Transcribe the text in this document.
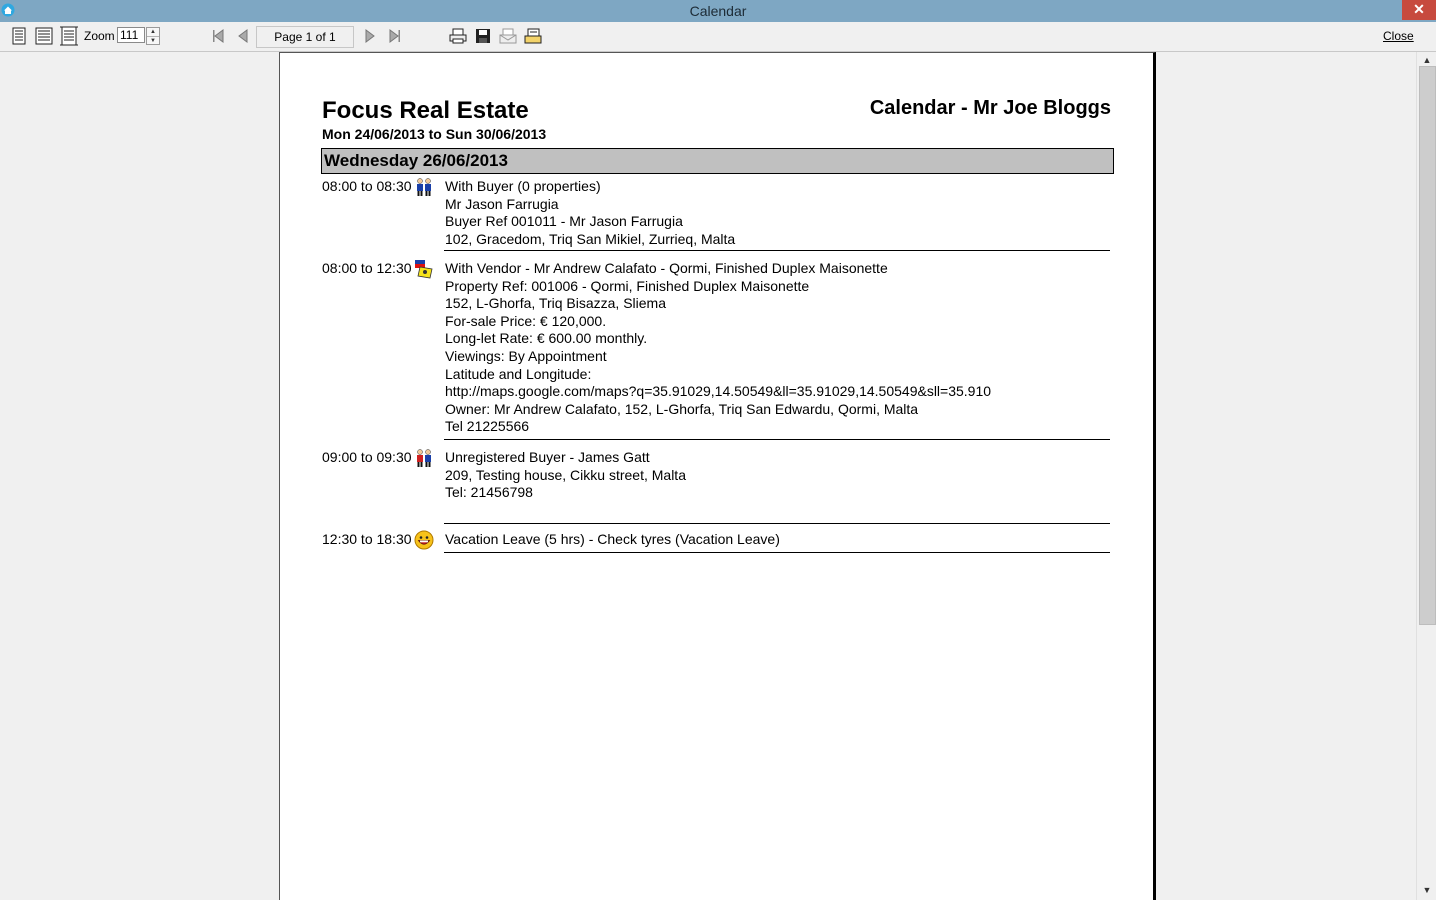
Calendar	✕
Zoom
111	▲
▼	Page 1 of 1	Close
Focus Real Estate	Calendar - Mr Joe Bloggs
Mon 24/06/2013 to Sun 30/06/2013
Wednesday 26/06/2013
08:00 to 08:30 With Buyer (0 properties)
Mr Jason Farrugia
Buyer Ref 001011 - Mr Jason Farrugia
102, Gracedom, Triq San Mikiel, Zurrieq, Malta
08:00 to 12:30 With Vendor - Mr Andrew Calafato - Qormi, Finished Duplex Maisonette
Property Ref: 001006 - Qormi, Finished Duplex Maisonette
152, L-Ghorfa, Triq Bisazza, Sliema
For-sale Price: € 120,000.
Long-let Rate: € 600.00 monthly.
Viewings: By Appointment
Latitude and Longitude:
http://maps.google.com/maps?q=35.91029,14.50549&ll=35.91029,14.50549&sll=35.910
Owner: Mr Andrew Calafato, 152, L-Ghorfa, Triq San Edwardu, Qormi, Malta
Tel 21225566
09:00 to 09:30 Unregistered Buyer - James Gatt
209, Testing house, Cikku street, Malta
Tel: 21456798
12:30 to 18:30 Vacation Leave (5 hrs) - Check tyres (Vacation Leave)
▲
▼
